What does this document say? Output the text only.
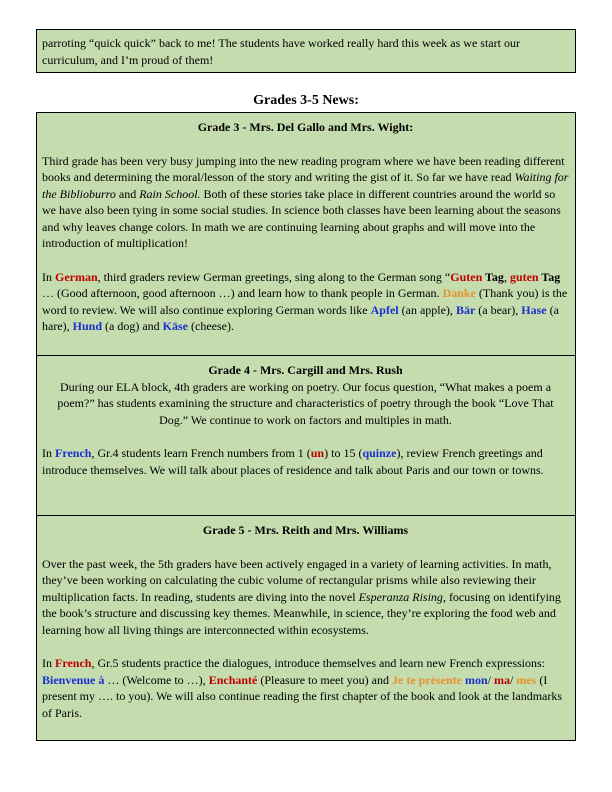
parroting “quick quick” back to me! The students have worked really hard this week as we start our curriculum, and I’m proud of them!

Grades 3-5 News:

Grade 3 - Mrs. Del Gallo and Mrs. Wight:

Third grade has been very busy jumping into the new reading program where we have been reading different books and determining the moral/lesson of the story and writing the gist of it. So far we have read Waiting for the Biblioburro and Rain School. Both of these stories take place in different countries around the world so we have also been tying in some social studies. In science both classes have been learning about the seasons and why leaves change colors. In math we are continuing learning about graphs and will move into the introduction of multiplication!

In German, third graders review German greetings, sing along to the German song “Guten Tag, guten Tag … (Good afternoon, good afternoon …) and learn how to thank people in German. Danke (Thank you) is the word to review. We will also continue exploring German words like Apfel (an apple), Bär (a bear), Hase (a hare), Hund (a dog) and Käse (cheese).

Grade 4 - Mrs. Cargill and Mrs. Rush

During our ELA block, 4th graders are working on poetry. Our focus question, “What makes a poem a poem?” has students examining the structure and characteristics of poetry through the book “Love That Dog.” We continue to work on factors and multiples in math.

In French, Gr.4 students learn French numbers from 1 (un) to 15 (quinze), review French greetings and introduce themselves. We will talk about places of residence and talk about Paris and our town or towns.

Grade 5 - Mrs. Reith and Mrs. Williams

Over the past week, the 5th graders have been actively engaged in a variety of learning activities. In math, they’ve been working on calculating the cubic volume of rectangular prisms while also reviewing their multiplication facts. In reading, students are diving into the novel Esperanza Rising, focusing on identifying the book’s structure and discussing key themes. Meanwhile, in science, they’re exploring the food web and learning how all living things are interconnected within ecosystems.

In French, Gr.5 students practice the dialogues, introduce themselves and learn new French expressions: Bienvenue à … (Welcome to …), Enchanté (Pleasure to meet you) and Je te présente mon/ ma/ mes (I present my …. to you). We will also continue reading the first chapter of the book and look at the landmarks of Paris.
